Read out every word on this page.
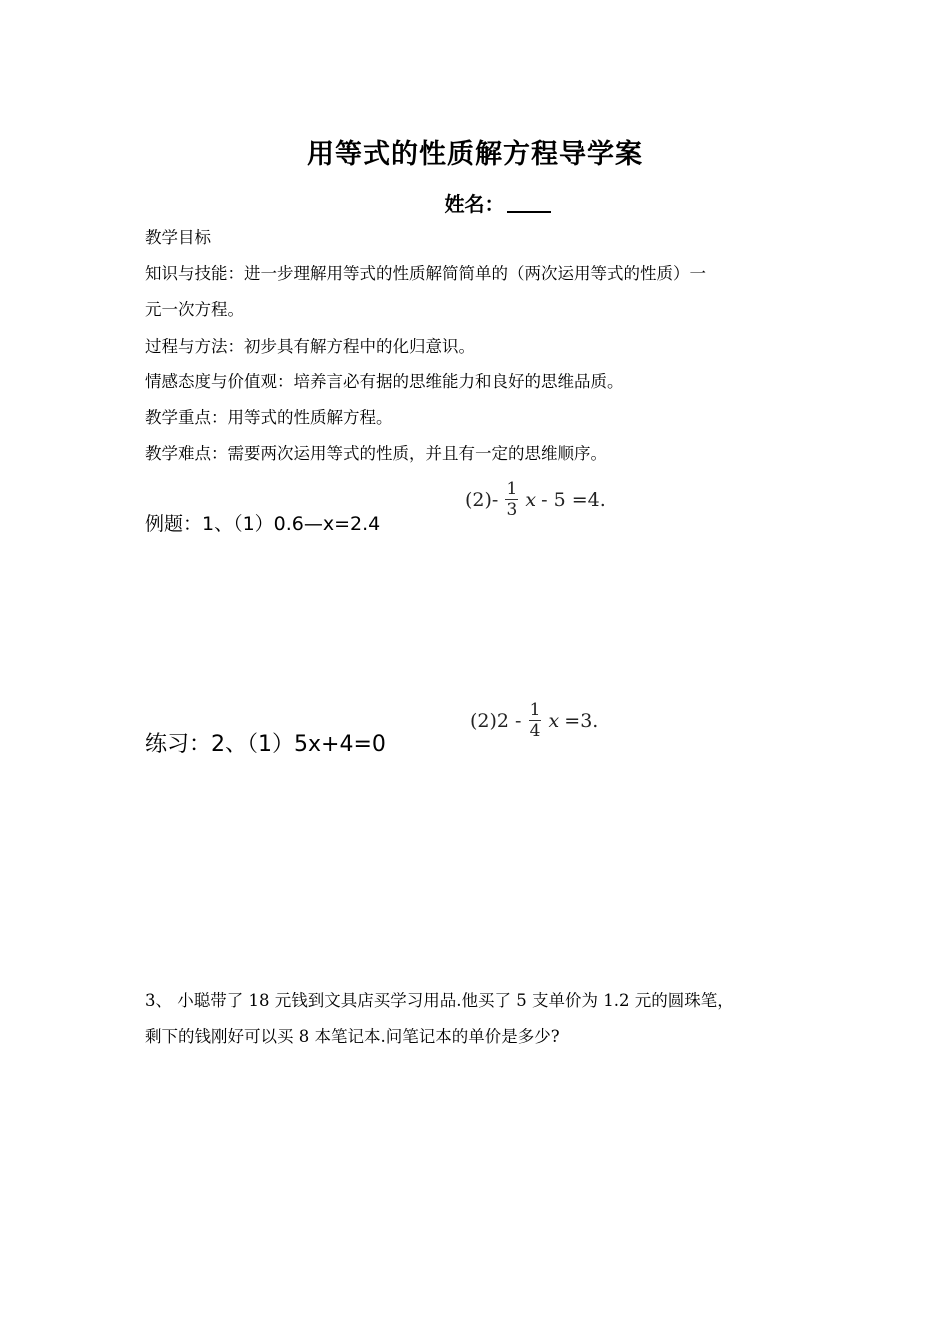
用等式的性质解方程导学案
姓名：
教学目标
知识与技能：进一步理解用等式的性质解简简单的（两次运用等式的性质）一
元一次方程。
过程与方法：初步具有解方程中的化归意识。
情感态度与价值观：培养言必有据的思维能力和良好的思维品质。
教学重点：用等式的性质解方程。
教学难点：需要两次运用等式的性质，并且有一定的思维顺序。
例题：1、（1）0.6—x=2.4
$(2)- \frac{1}{3}$ x - 5 =4.
练习：2、（1）5x+4=0
$(2)2 - \frac{1}{4}$ x =3.
3、 小聪带了 18 元钱到文具店买学习用品.他买了 5 支单价为 1.2 元的圆珠笔，
剩下的钱刚好可以买 8 本笔记本.问笔记本的单价是多少?
